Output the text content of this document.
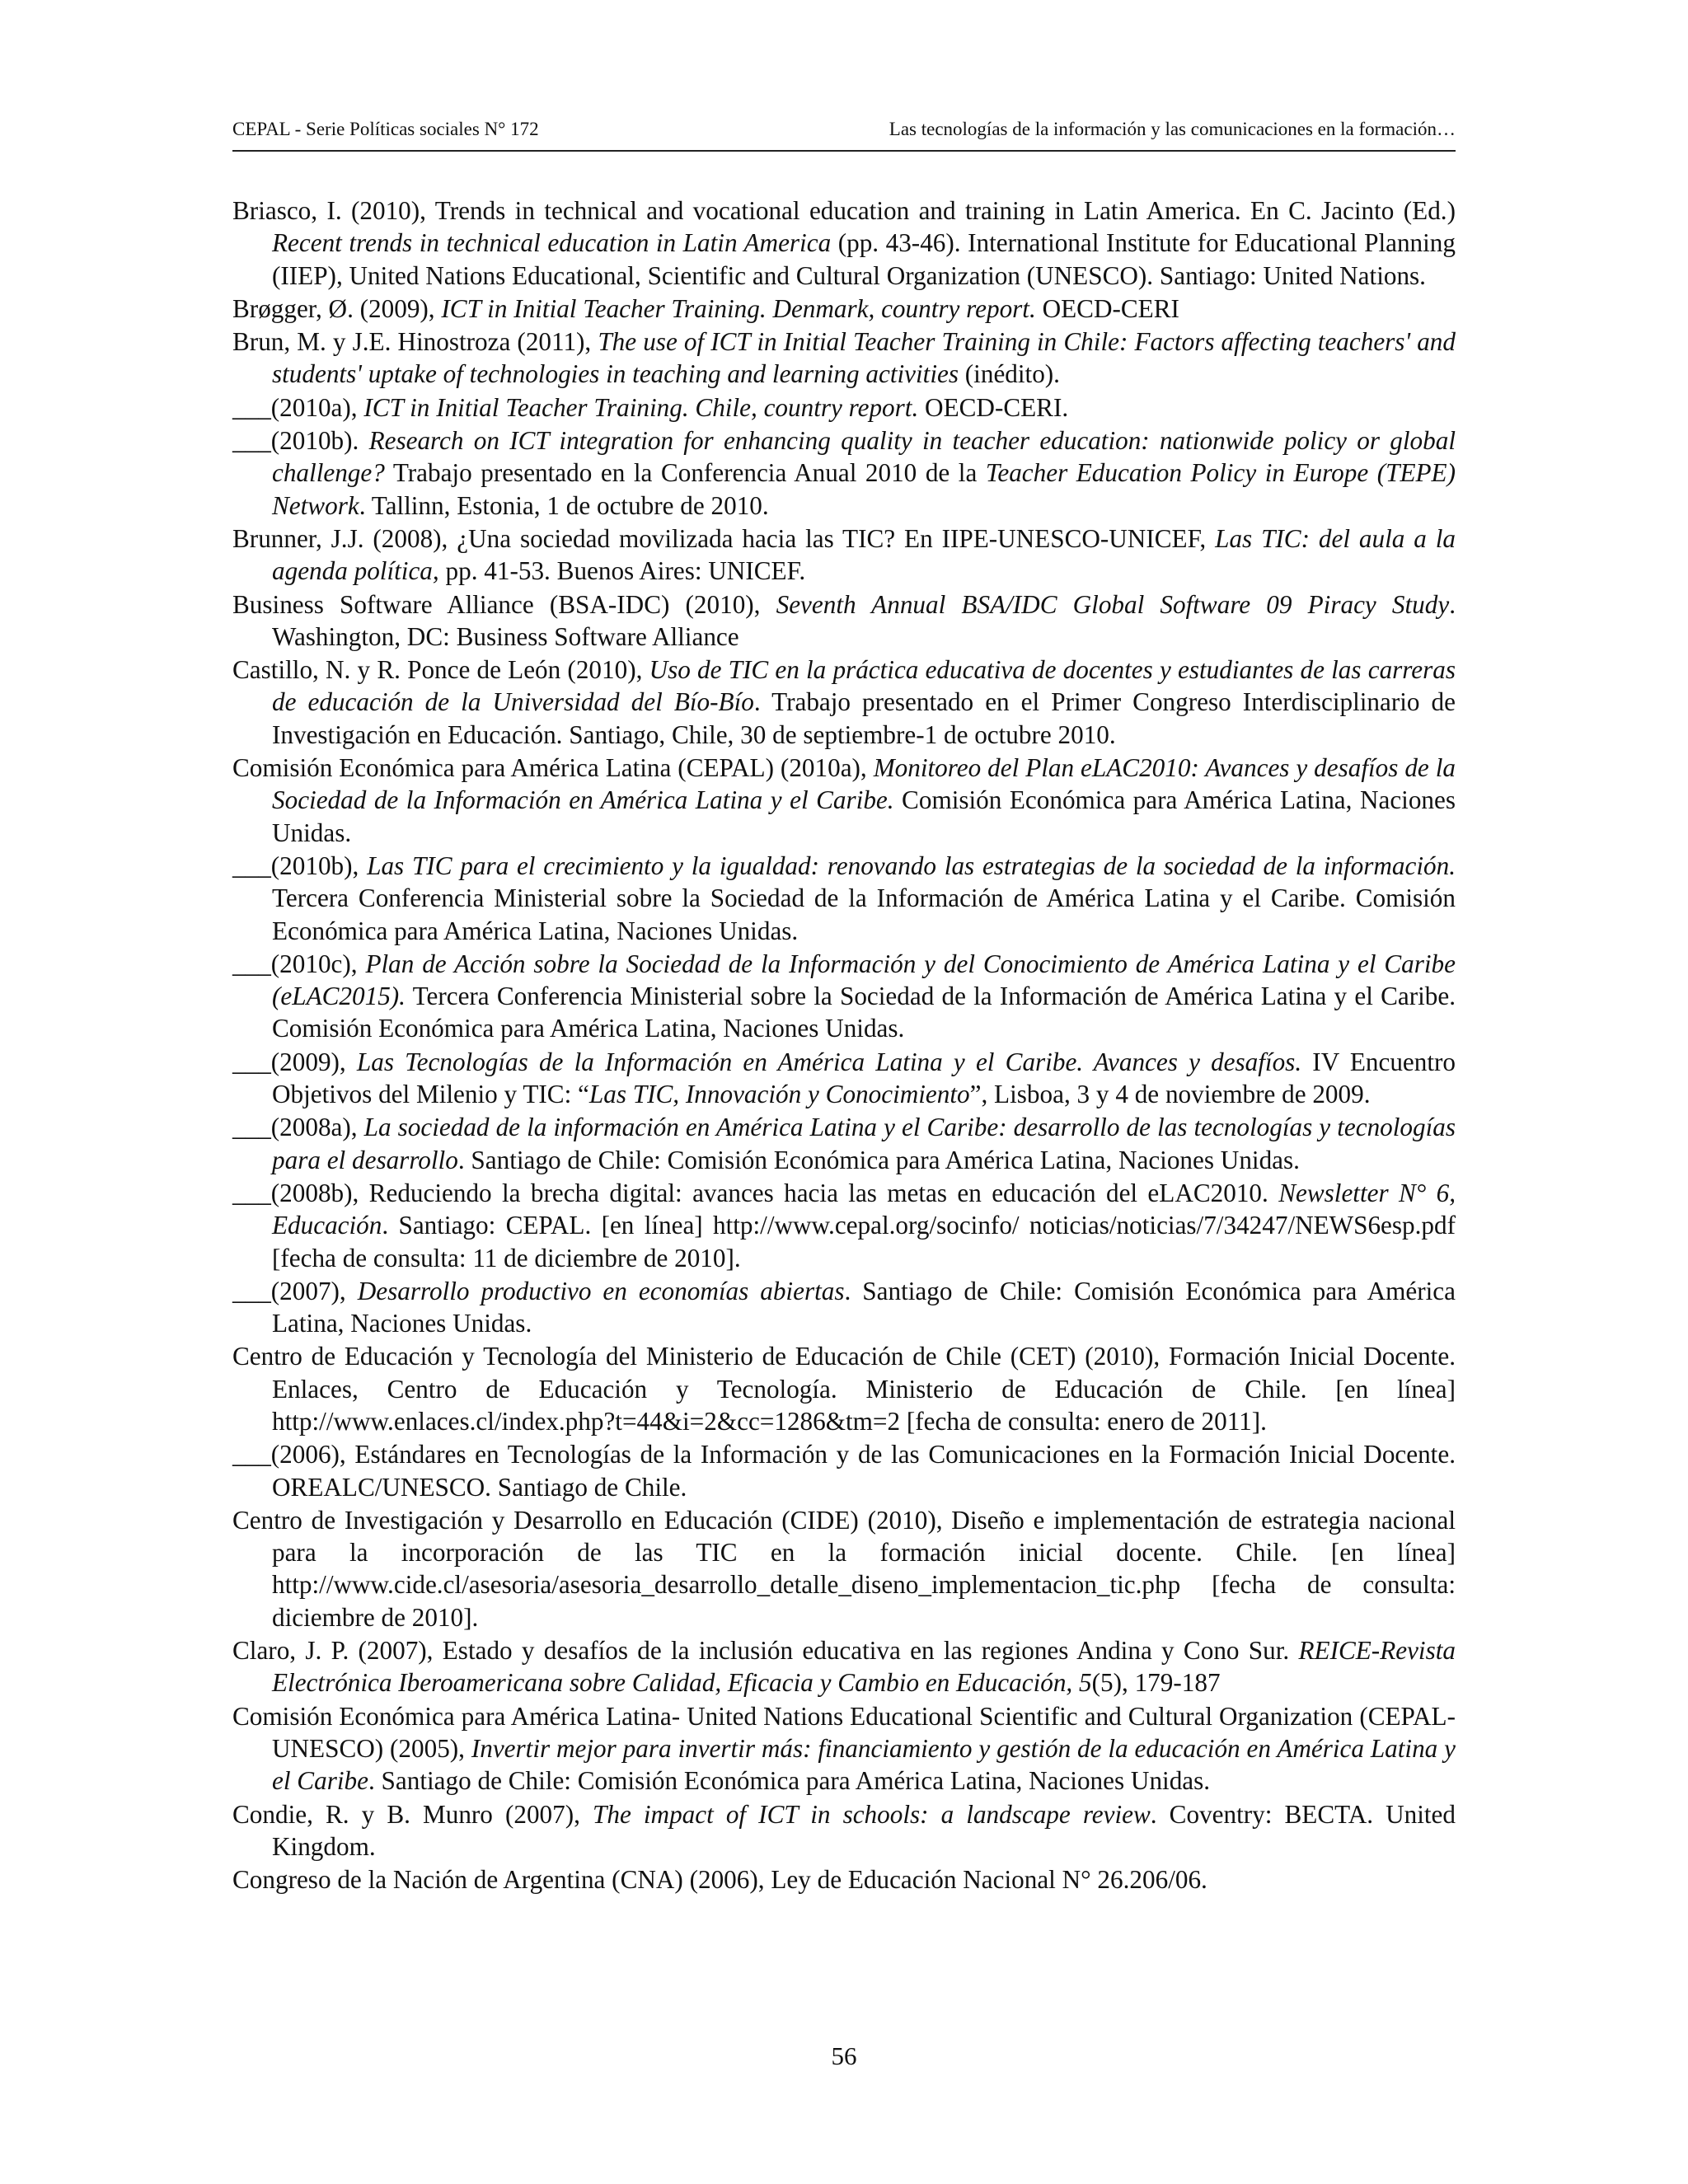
CEPAL - Serie Políticas sociales N° 172	Las tecnologías de la información y las comunicaciones en la formación…

Briasco, I. (2010), Trends in technical and vocational education and training in Latin America. En C. Jacinto (Ed.) Recent trends in technical education in Latin America (pp. 43-46). International Institute for Educational Planning (IIEP), United Nations Educational, Scientific and Cultural Organization (UNESCO). Santiago: United Nations.

Brøgger, Ø. (2009), ICT in Initial Teacher Training. Denmark, country report. OECD-CERI

Brun, M. y J.E. Hinostroza (2011), The use of ICT in Initial Teacher Training in Chile: Factors affecting teachers' and students' uptake of technologies in teaching and learning activities (inédito).

___(2010a), ICT in Initial Teacher Training. Chile, country report. OECD-CERI.

___(2010b). Research on ICT integration for enhancing quality in teacher education: nationwide policy or global challenge? Trabajo presentado en la Conferencia Anual 2010 de la Teacher Education Policy in Europe (TEPE) Network. Tallinn, Estonia, 1 de octubre de 2010.

Brunner, J.J. (2008), ¿Una sociedad movilizada hacia las TIC? En IIPE-UNESCO-UNICEF, Las TIC: del aula a la agenda política, pp. 41-53. Buenos Aires: UNICEF.

Business Software Alliance (BSA-IDC) (2010), Seventh Annual BSA/IDC Global Software 09 Piracy Study. Washington, DC: Business Software Alliance

Castillo, N. y R. Ponce de León (2010), Uso de TIC en la práctica educativa de docentes y estudiantes de las carreras de educación de la Universidad del Bío-Bío. Trabajo presentado en el Primer Congreso Interdisciplinario de Investigación en Educación. Santiago, Chile, 30 de septiembre-1 de octubre 2010.

Comisión Económica para América Latina (CEPAL) (2010a), Monitoreo del Plan eLAC2010: Avances y desafíos de la Sociedad de la Información en América Latina y el Caribe. Comisión Económica para América Latina, Naciones Unidas.

___(2010b), Las TIC para el crecimiento y la igualdad: renovando las estrategias de la sociedad de la información. Tercera Conferencia Ministerial sobre la Sociedad de la Información de América Latina y el Caribe. Comisión Económica para América Latina, Naciones Unidas.

___(2010c), Plan de Acción sobre la Sociedad de la Información y del Conocimiento de América Latina y el Caribe (eLAC2015). Tercera Conferencia Ministerial sobre la Sociedad de la Información de América Latina y el Caribe. Comisión Económica para América Latina, Naciones Unidas.

___(2009), Las Tecnologías de la Información en América Latina y el Caribe. Avances y desafíos. IV Encuentro Objetivos del Milenio y TIC: “Las TIC, Innovación y Conocimiento”, Lisboa, 3 y 4 de noviembre de 2009.

___(2008a), La sociedad de la información en América Latina y el Caribe: desarrollo de las tecnologías y tecnologías para el desarrollo. Santiago de Chile: Comisión Económica para América Latina, Naciones Unidas.

___(2008b), Reduciendo la brecha digital: avances hacia las metas en educación del eLAC2010. Newsletter N° 6, Educación. Santiago: CEPAL. [en línea] http://www.cepal.org/socinfo/ noticias/noticias/7/34247/NEWS6esp.pdf [fecha de consulta: 11 de diciembre de 2010].

___(2007), Desarrollo productivo en economías abiertas. Santiago de Chile: Comisión Económica para América Latina, Naciones Unidas.

Centro de Educación y Tecnología del Ministerio de Educación de Chile (CET) (2010), Formación Inicial Docente. Enlaces, Centro de Educación y Tecnología. Ministerio de Educación de Chile. [en línea] http://www.enlaces.cl/index.php?t=44&i=2&cc=1286&tm=2 [fecha de consulta: enero de 2011].

___(2006), Estándares en Tecnologías de la Información y de las Comunicaciones en la Formación Inicial Docente. OREALC/UNESCO. Santiago de Chile.

Centro de Investigación y Desarrollo en Educación (CIDE) (2010), Diseño e implementación de estrategia nacional para la incorporación de las TIC en la formación inicial docente. Chile. [en línea] http://www.cide.cl/asesoria/asesoria_desarrollo_detalle_diseno_implementacion_tic.php [fecha de consulta: diciembre de 2010].

Claro, J. P. (2007), Estado y desafíos de la inclusión educativa en las regiones Andina y Cono Sur. REICE-Revista Electrónica Iberoamericana sobre Calidad, Eficacia y Cambio en Educación, 5(5), 179-187

Comisión Económica para América Latina- United Nations Educational Scientific and Cultural Organization (CEPAL-UNESCO) (2005), Invertir mejor para invertir más: financiamiento y gestión de la educación en América Latina y el Caribe. Santiago de Chile: Comisión Económica para América Latina, Naciones Unidas.

Condie, R. y B. Munro (2007), The impact of ICT in schools: a landscape review. Coventry: BECTA. United Kingdom.

Congreso de la Nación de Argentina (CNA) (2006), Ley de Educación Nacional N° 26.206/06.

56
